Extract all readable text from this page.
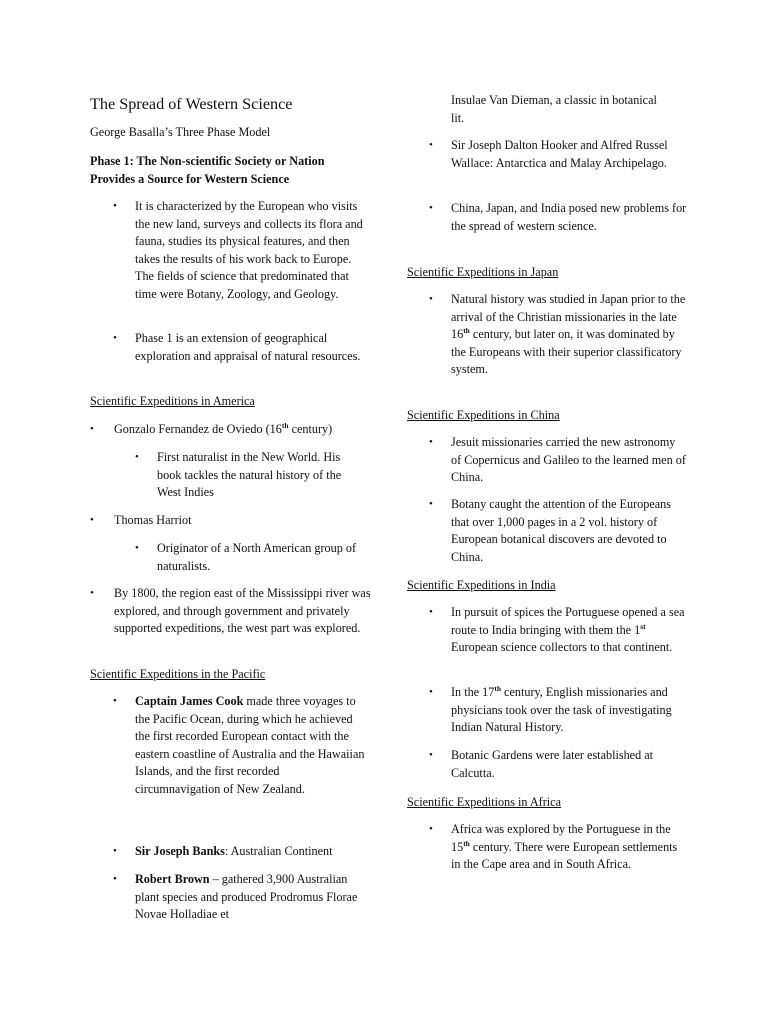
The Spread of Western Science
George Basalla’s Three Phase Model
Phase 1: The Non-scientific Society or Nation Provides a Source for Western Science
•	It is characterized by the European who visits the new land, surveys and collects its flora and fauna, studies its physical features, and then takes the results of his work back to Europe. The fields of science that predominated that time were Botany, Zoology, and Geology.
•	Phase 1 is an extension of geographical exploration and appraisal of natural resources.
Scientific Expeditions in America
•	Gonzalo Fernandez de Oviedo (16th century)
•	First naturalist in the New World. His book tackles the natural history of the West Indies
•	Thomas Harriot
•	Originator of a North American group of naturalists.
•	By 1800, the region east of the Mississippi river was explored, and through government and privately supported expeditions, the west part was explored.
Scientific Expeditions in the Pacific
•	Captain James Cook made three voyages to the Pacific Ocean, during which he achieved the first recorded European contact with the eastern coastline of Australia and the Hawaiian Islands, and the first recorded circumnavigation of New Zealand.
•	Sir Joseph Banks: Australian Continent
•	Robert Brown – gathered 3,900 Australian plant species and produced Prodromus Florae Novae Holladiae et
Insulae Van Dieman, a classic in botanical lit.
•	Sir Joseph Dalton Hooker and Alfred Russel Wallace: Antarctica and Malay Archipelago.
•	China, Japan, and India posed new problems for the spread of western science.
Scientific Expeditions in Japan
•	Natural history was studied in Japan prior to the arrival of the Christian missionaries in the late 16th century, but later on, it was dominated by the Europeans with their superior classificatory system.
Scientific Expeditions in China
•	Jesuit missionaries carried the new astronomy of Copernicus and Galileo to the learned men of China.
•	Botany caught the attention of the Europeans that over 1,000 pages in a 2 vol. history of European botanical discovers are devoted to China.
Scientific Expeditions in India
•	In pursuit of spices the Portuguese opened a sea route to India bringing with them the 1st European science collectors to that continent.
•	In the 17th century, English missionaries and physicians took over the task of investigating Indian Natural History.
•	Botanic Gardens were later established at Calcutta.
Scientific Expeditions in Africa
•	Africa was explored by the Portuguese in the 15th century. There were European settlements in the Cape area and in South Africa.
